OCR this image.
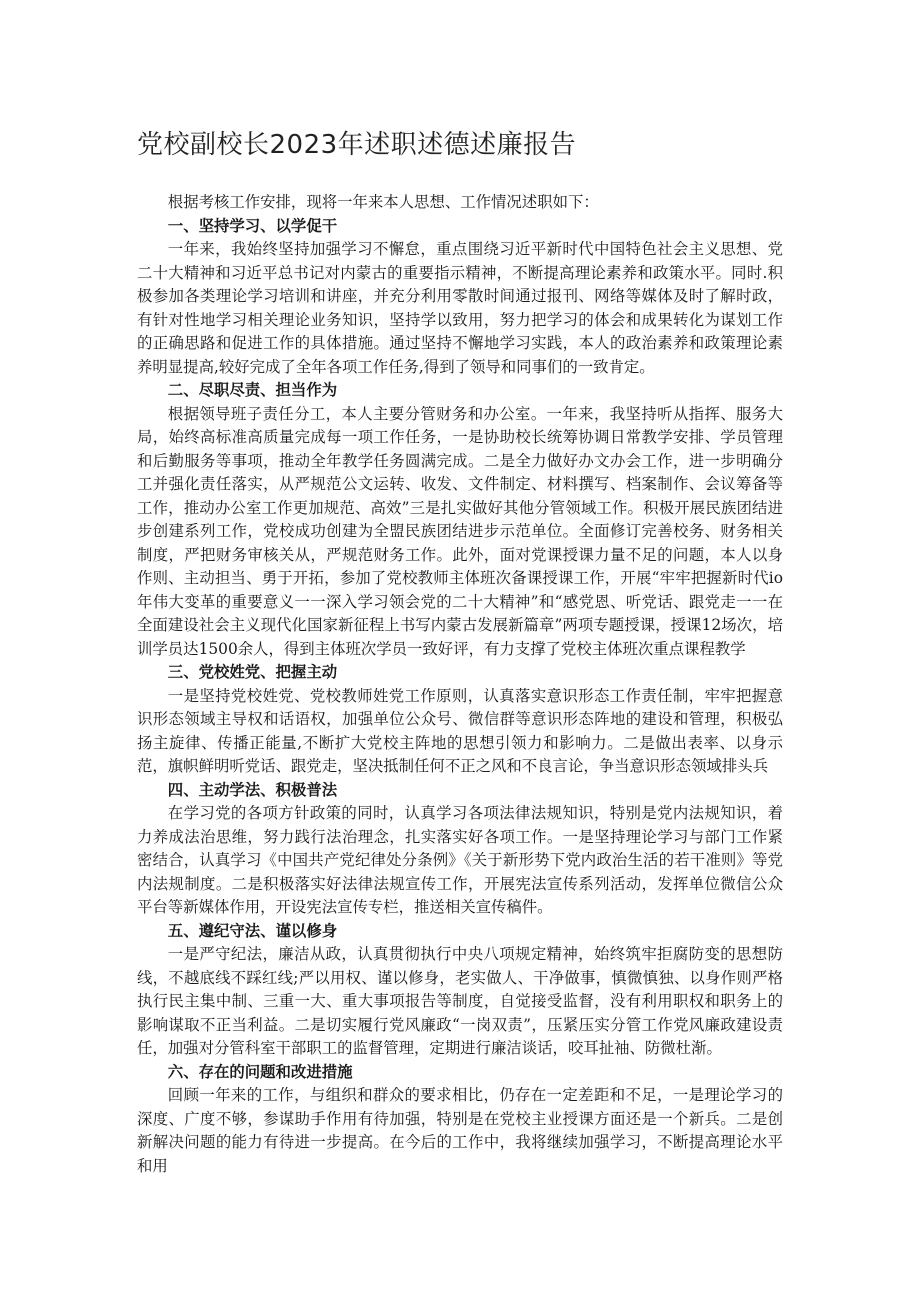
党校副校长2023年述职述德述廉报告

根据考核工作安排，现将一年来本人思想、工作情况述职如下：

一、坚持学习、以学促干

一年来，我始终坚持加强学习不懈怠，重点围绕习近平新时代中国特色社会主义思想、党二十大精神和习近平总书记对内蒙古的重要指示精神，不断提高理论素养和政策水平。同时.积极参加各类理论学习培训和讲座，并充分利用零散时间通过报刊、网络等媒体及时了解时政，有针对性地学习相关理论业务知识，坚持学以致用，努力把学习的体会和成果转化为谋划工作的正确思路和促进工作的具体措施。通过坚持不懈地学习实践，本人的政治素养和政策理论素养明显提高,较好完成了全年各项工作任务,得到了领导和同事们的一致肯定。

二、尽职尽责、担当作为

根据领导班子责任分工，本人主要分管财务和办公室。一年来，我坚持听从指挥、服务大局，始终高标准高质量完成每一项工作任务，一是协助校长统筹协调日常教学安排、学员管理和后勤服务等事项，推动全年教学任务圆满完成。二是全力做好办文办会工作，进一步明确分工并强化责任落实，从严规范公文运转、收发、文件制定、材料撰写、档案制作、会议筹备等工作，推动办公室工作更加规范、高效”三是扎实做好其他分管领域工作。积极开展民族团结进步创建系列工作，党校成功创建为全盟民族团结进步示范单位。全面修订完善校务、财务相关制度，严把财务审核关从，严规范财务工作。此外，面对党课授课力量不足的问题，本人以身作则、主动担当、勇于开拓，参加了党校教师主体班次备课授课工作，开展“牢牢把握新时代io年伟大变革的重要意义一一深入学习领会党的二十大精神”和“感党恩、听党话、跟党走一一在全面建设社会主义现代化国家新征程上书写内蒙古发展新篇章”两项专题授课，授课12场次，培训学员达1500余人，得到主体班次学员一致好评，有力支撑了党校主体班次重点课程教学

三、党校姓党、把握主动

一是坚持党校姓党、党校教师姓党工作原则，认真落实意识形态工作责任制，牢牢把握意识形态领域主导权和话语权，加强单位公众号、微信群等意识形态阵地的建设和管理，积极弘扬主旋律、传播正能量,不断扩大党校主阵地的思想引领力和影响力。二是做出表率、以身示范，旗帜鲜明听党话、跟党走，坚决抵制任何不正之风和不良言论，争当意识形态领域排头兵

四、主动学法、积极普法

在学习党的各项方针政策的同时，认真学习各项法律法规知识，特别是党内法规知识，着力养成法治思维，努力践行法治理念，扎实落实好各项工作。一是坚持理论学习与部门工作紧密结合，认真学习《中国共产党纪律处分条例》《关于新形势下党内政治生活的若干准则》等党内法规制度。二是积极落实好法律法规宣传工作，开展宪法宣传系列活动，发挥单位微信公众平台等新媒体作用，开设宪法宣传专栏，推送相关宣传稿件。

五、遵纪守法、谨以修身

一是严守纪法，廉洁从政，认真贯彻执行中央八项规定精神，始终筑牢拒腐防变的思想防线，不越底线不踩红线;严以用权、谨以修身，老实做人、干净做事，慎微慎独、以身作则严格执行民主集中制、三重一大、重大事项报告等制度，自觉接受监督，没有利用职权和职务上的影响谋取不正当利益。二是切实履行党风廉政“一岗双责”，压紧压实分管工作党风廉政建设责任，加强对分管科室干部职工的监督管理，定期进行廉洁谈话，咬耳扯袖、防微杜渐。

六、存在的问题和改进措施

回顾一年来的工作，与组织和群众的要求相比，仍存在一定差距和不足，一是理论学习的深度、广度不够，参谋助手作用有待加强，特别是在党校主业授课方面还是一个新兵。二是创新解决问题的能力有待进一步提高。在今后的工作中，我将继续加强学习，不断提高理论水平和用
